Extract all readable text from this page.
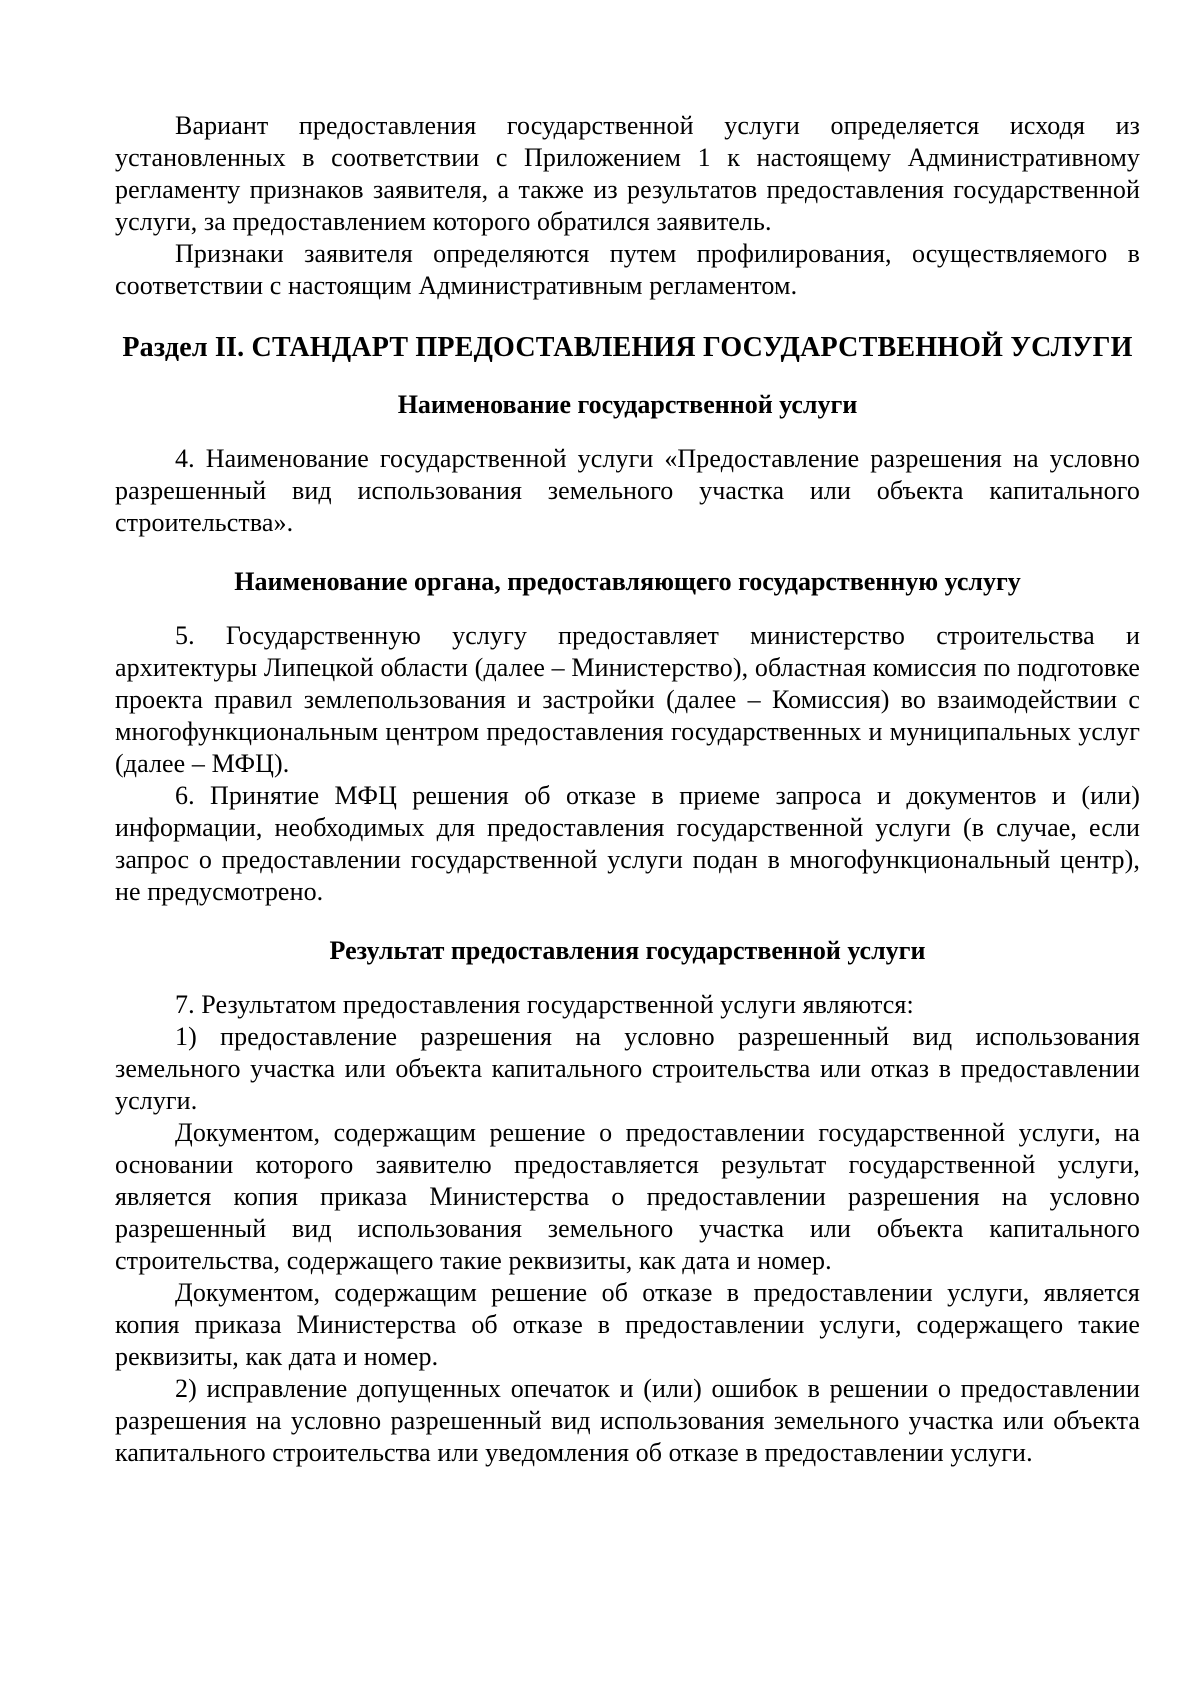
Вариант предоставления государственной услуги определяется исходя из установленных в соответствии с Приложением 1 к настоящему Административному регламенту признаков заявителя, а также из результатов предоставления государственной услуги, за предоставлением которого обратился заявитель.

Признаки заявителя определяются путем профилирования, осуществляемого в соответствии с настоящим Административным регламентом.

Раздел II. СТАНДАРТ ПРЕДОСТАВЛЕНИЯ ГОСУДАРСТВЕННОЙ УСЛУГИ
Наименование государственной услуги

4. Наименование государственной услуги «Предоставление разрешения на условно разрешенный вид использования земельного участка или объекта капитального строительства».

Наименование органа, предоставляющего государственную услугу

5. Государственную услугу предоставляет министерство строительства и архитектуры Липецкой области (далее – Министерство), областная комиссия по подготовке проекта правил землепользования и застройки (далее – Комиссия) во взаимодействии с многофункциональным центром предоставления государственных и муниципальных услуг (далее – МФЦ).

6. Принятие МФЦ решения об отказе в приеме запроса и документов и (или) информации, необходимых для предоставления государственной услуги (в случае, если запрос о предоставлении государственной услуги подан в многофункциональный центр), не предусмотрено.

Результат предоставления государственной услуги

7. Результатом предоставления государственной услуги являются:

1) предоставление разрешения на условно разрешенный вид использования земельного участка или объекта капитального строительства или отказ в предоставлении услуги.

Документом, содержащим решение о предоставлении государственной услуги, на основании которого заявителю предоставляется результат государственной услуги, является копия приказа Министерства о предоставлении разрешения на условно разрешенный вид использования земельного участка или объекта капитального строительства, содержащего такие реквизиты, как дата и номер.

Документом, содержащим решение об отказе в предоставлении услуги, является копия приказа Министерства об отказе в предоставлении услуги, содержащего такие реквизиты, как дата и номер.

2) исправление допущенных опечаток и (или) ошибок в решении о предоставлении разрешения на условно разрешенный вид использования земельного участка или объекта капитального строительства или уведомления об отказе в предоставлении услуги.
